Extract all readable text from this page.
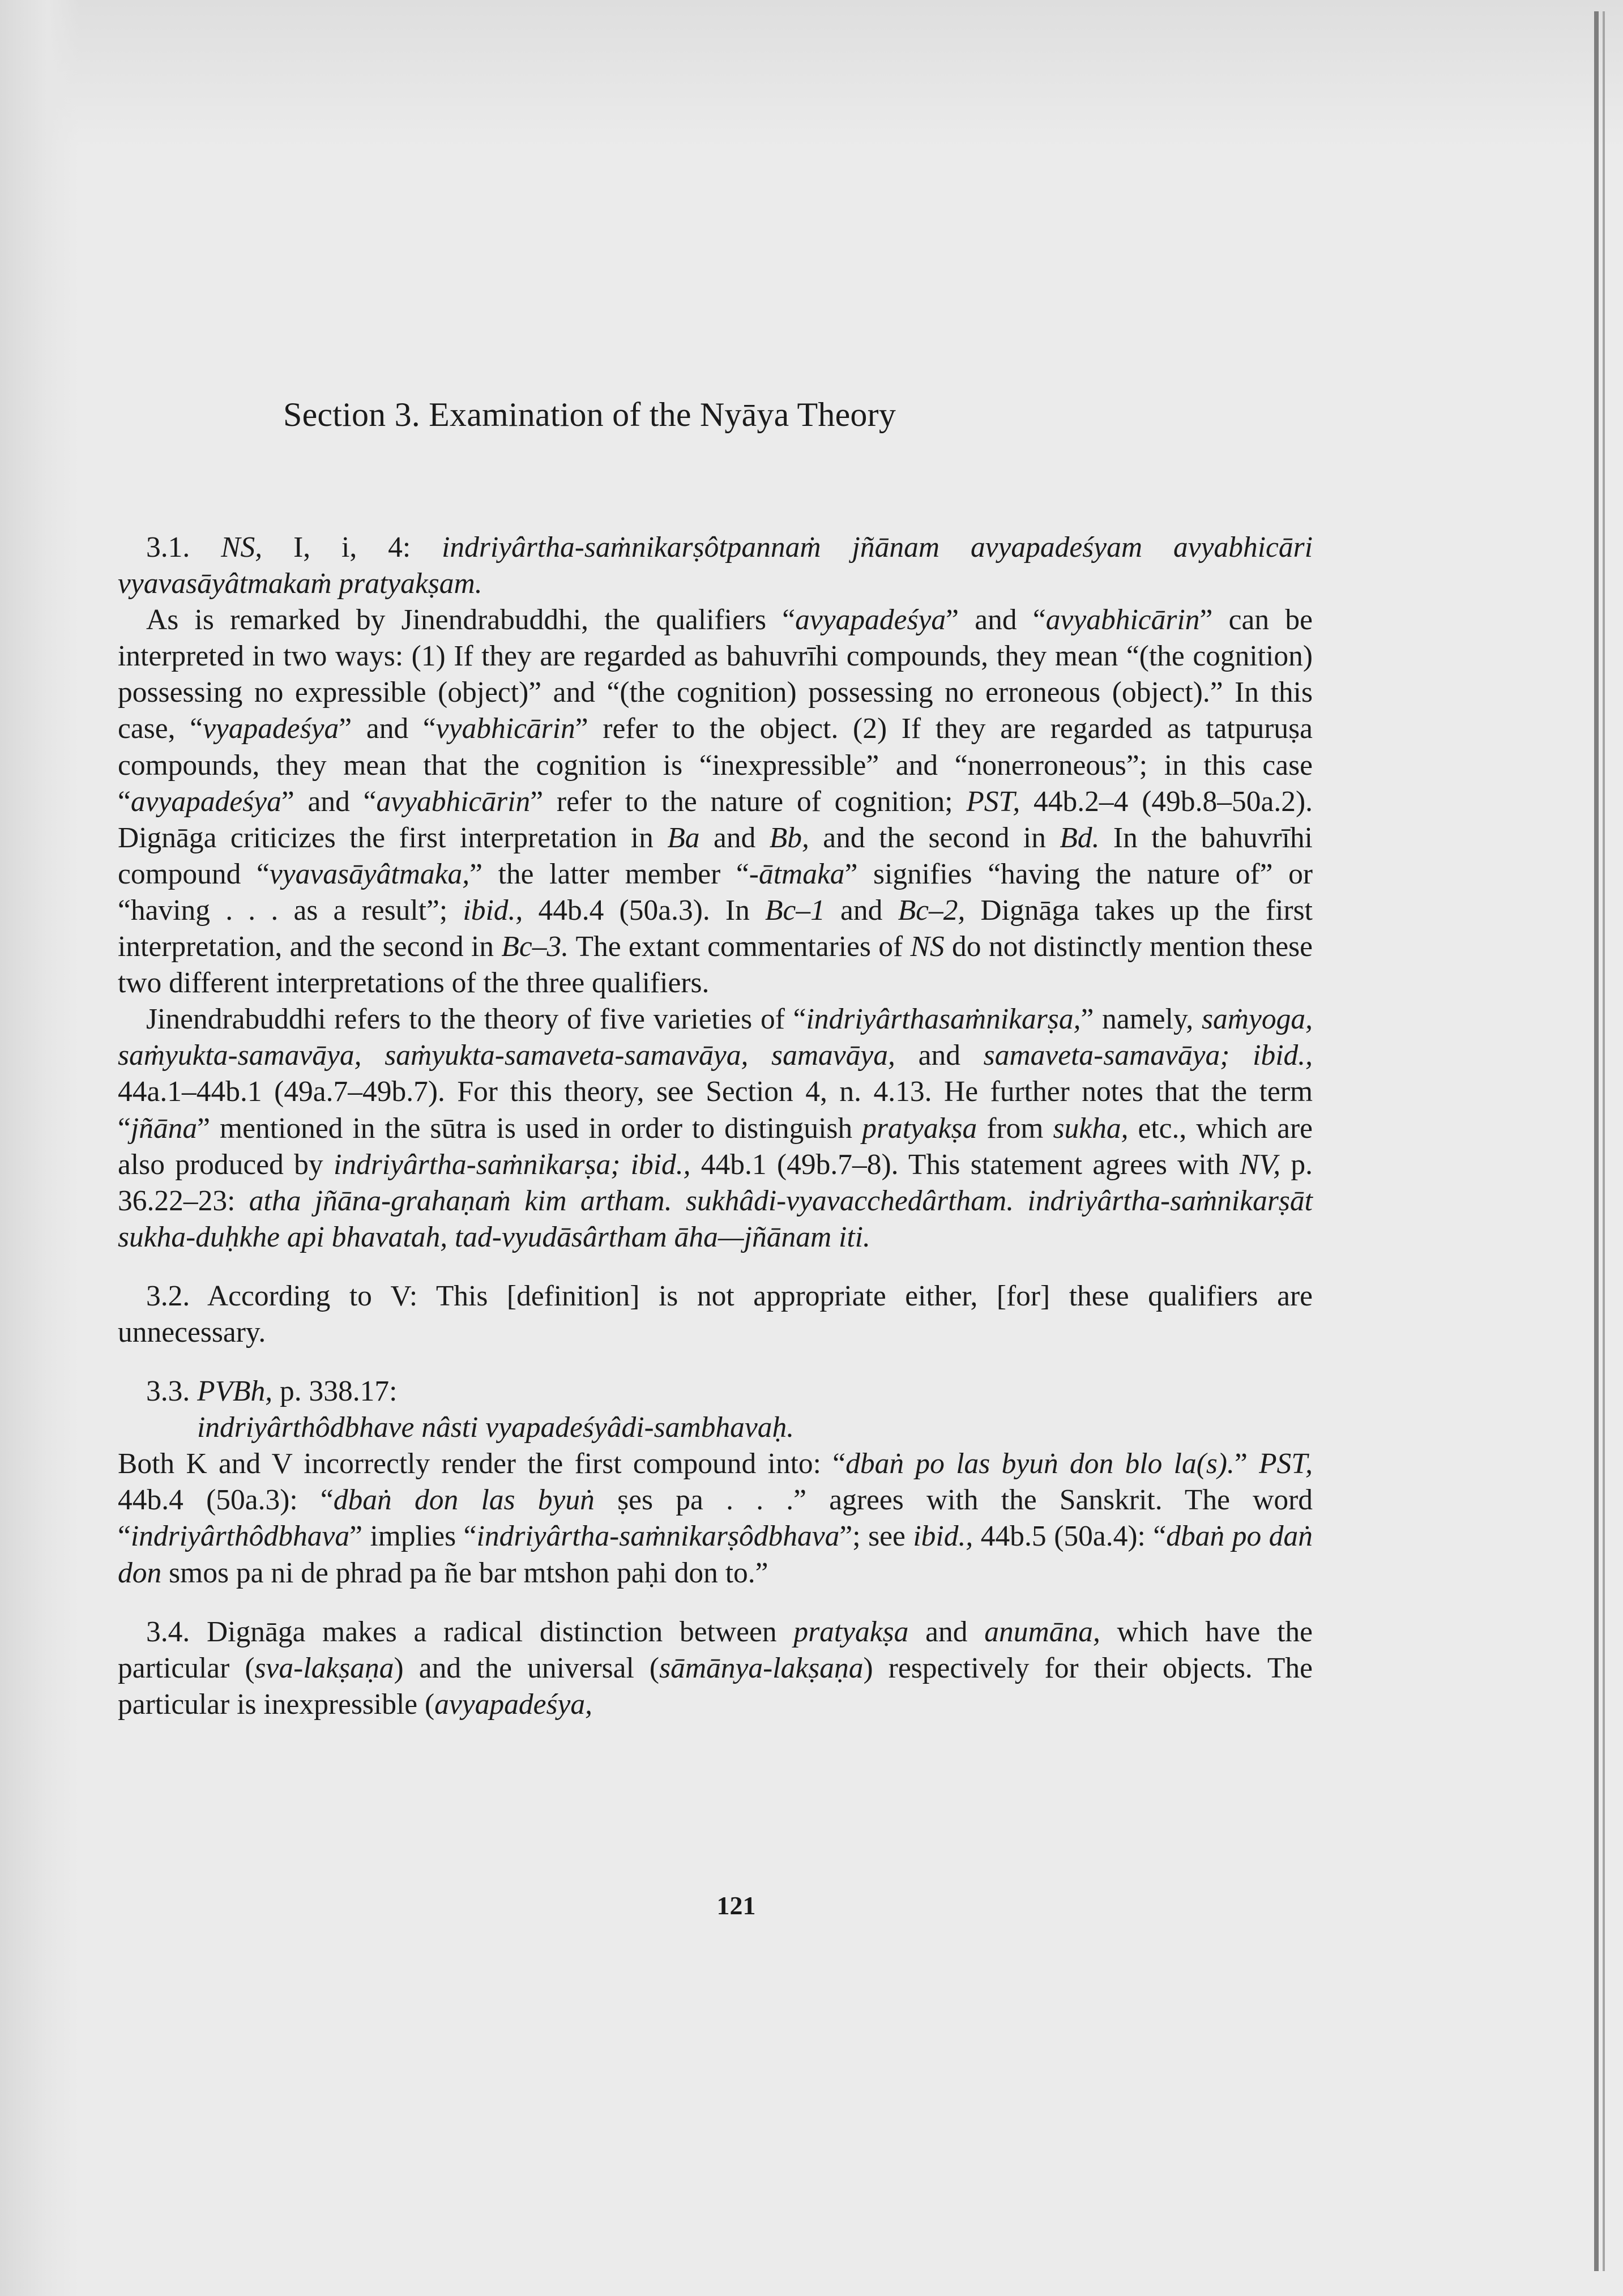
Section 3. Examination of the Nyāya Theory

3.1. NS, I, i, 4: indriyârtha-saṁnikarṣôtpannaṁ jñānam avyapadeśyam avyabhicāri vyavasāyâtmakaṁ pratyakṣam.

As is remarked by Jinendrabuddhi, the qualifiers “avyapadeśya” and “avyabhicārin” can be interpreted in two ways: (1) If they are regarded as bahuvrīhi compounds, they mean “(the cognition) possessing no expressible (object)” and “(the cognition) possessing no erroneous (object).” In this case, “vyapadeśya” and “vyabhicārin” refer to the object. (2) If they are regarded as tatpuruṣa compounds, they mean that the cognition is “inexpressible” and “nonerroneous”; in this case “avyapadeśya” and “avyabhicārin” refer to the nature of cognition; PST, 44b.2–4 (49b.8–50a.2). Dignāga criticizes the first interpretation in Ba and Bb, and the second in Bd. In the bahuvrīhi compound “vyavasāyâtmaka,” the latter member “-ātmaka” signifies “having the nature of” or “having . . . as a result”; ibid., 44b.4 (50a.3). In Bc–1 and Bc–2, Dignāga takes up the first interpretation, and the second in Bc–3. The extant commentaries of NS do not distinctly mention these two different interpretations of the three qualifiers.

Jinendrabuddhi refers to the theory of five varieties of “indriyârthasaṁnikarṣa,” namely, saṁyoga, saṁyukta-samavāya, saṁyukta-samaveta-samavāya, samavāya, and samaveta-samavāya; ibid., 44a.1–44b.1 (49a.7–49b.7). For this theory, see Section 4, n. 4.13. He further notes that the term “jñāna” mentioned in the sūtra is used in order to distinguish pratyakṣa from sukha, etc., which are also produced by indriyârtha-saṁnikarṣa; ibid., 44b.1 (49b.7–8). This statement agrees with NV, p. 36.22–23: atha jñāna-grahaṇaṁ kim artham. sukhâdi-vyavacchedârtham. indriyârtha-saṁnikarṣāt sukha-duḥkhe api bhavatah, tad-vyudāsârtham āha—jñānam iti.

3.2. According to V: This [definition] is not appropriate either, [for] these qualifiers are unnecessary.

3.3. PVBh, p. 338.17:
indriyârthôdbhave nâsti vyapadeśyâdi-sambhavaḥ.

Both K and V incorrectly render the first compound into: “dbaṅ po las byuṅ don blo la(s).” PST, 44b.4 (50a.3): “dbaṅ don las byuṅ ṣes pa . . .” agrees with the Sanskrit. The word “indriyârthôdbhava” implies “indriyârtha-saṁnikarṣôdbhava”; see ibid., 44b.5 (50a.4): “dbaṅ po daṅ don smos pa ni de phrad pa ñe bar mtshon paḥi don to.”

3.4. Dignāga makes a radical distinction between pratyakṣa and anumāna, which have the particular (sva-lakṣaṇa) and the universal (sāmānya-lakṣaṇa) respectively for their objects. The particular is inexpressible (avyapadeśya,

121
